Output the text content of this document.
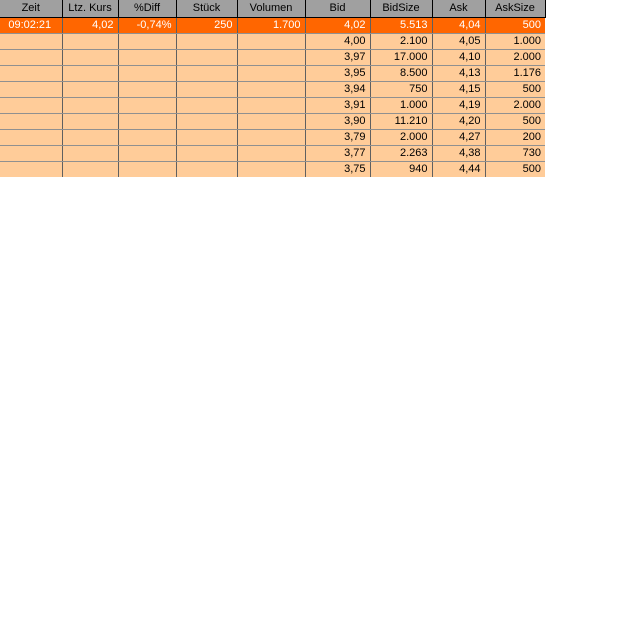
Zeit	Ltz. Kurs	%Diff	Stück	Volumen	Bid	BidSize	Ask	AskSize
09:02:21	4,02	-0,74%	250	1.700	4,02	5.513	4,04	500
					4,00	2.100	4,05	1.000
					3,97	17.000	4,10	2.000
					3,95	8.500	4,13	1.176
					3,94	750	4,15	500
					3,91	1.000	4,19	2.000
					3,90	11.210	4,20	500
					3,79	2.000	4,27	200
					3,77	2.263	4,38	730
					3,75	940	4,44	500
